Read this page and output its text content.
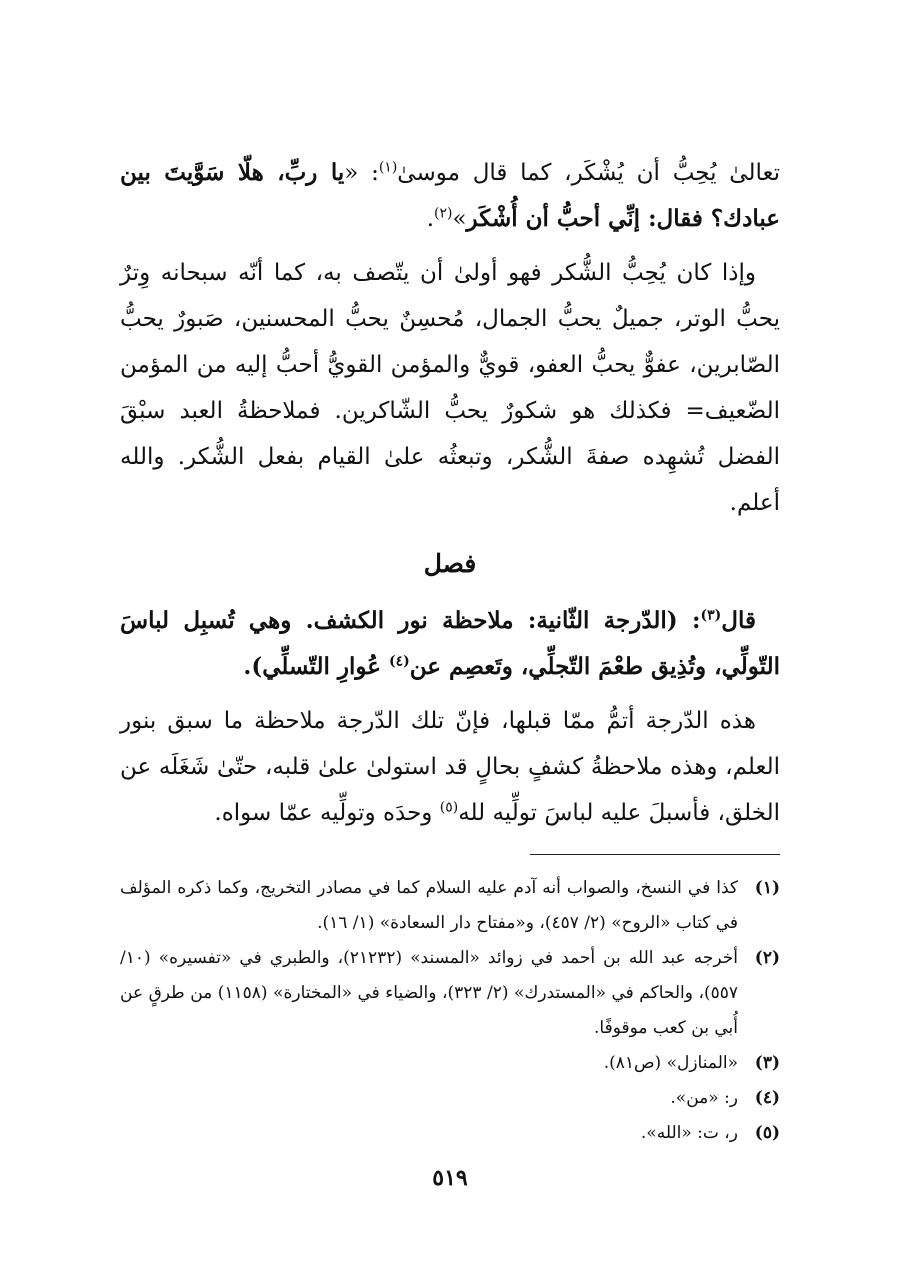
تعالىٰ يُحِبُّ أن يُشْكَر، كما قال موسىٰ$^{(١)}$: «يا ربِّ، هلّا سَوَّيتَ بين عبادك؟ فقال: إنِّي أحبُّ أن أُشْكَر»$^{(٢)}$.

وإذا كان يُحِبُّ الشُّكر فهو أولىٰ أن يتّصف به، كما أنّه سبحانه وِترٌ يحبُّ الوتر، جميلٌ يحبُّ الجمال، مُحسِنٌ يحبُّ المحسنين، صَبورٌ يحبُّ الصّابرين، عفوٌّ يحبُّ العفو، قويٌّ والمؤمن القويُّ أحبُّ إليه من المؤمن الضّعيف= فكذلك هو شكورٌ يحبُّ الشّاكرين. فملاحظةُ العبد سبْقَ الفضل تُشهِده صفةَ الشُّكر، وتبعثُه علىٰ القيام بفعل الشُّكر. والله أعلم.

فصل

قال$^{(٣)}$: (الدّرجة الثّانية: ملاحظة نور الكشف. وهي تُسبِل لباسَ التّولِّي، وتُذِيق طعْمَ التّجلِّي، وتَعصِم عن$^{(٤)}$ عُوارِ التّسلِّي).

هذه الدّرجة أتمُّ ممّا قبلها، فإنّ تلك الدّرجة ملاحظة ما سبق بنور العلم، وهذه ملاحظةُ كشفٍ بحالٍ قد استولىٰ علىٰ قلبه، حتّىٰ شَغَلَه عن الخلق، فأسبلَ عليه لباسَ تولِّيه لله$^{(٥)}$ وحدَه وتولِّيه عمّا سواه.

(١)
كذا في النسخ، والصواب أنه آدم عليه السلام كما في مصادر التخريج، وكما ذكره المؤلف في كتاب «الروح» (٢/ ٤٥٧)، و«مفتاح دار السعادة» (١/ ١٦).
(٢)
أخرجه عبد الله بن أحمد في زوائد «المسند» (٢١٢٣٢)، والطبري في «تفسيره» (١٠/ ٥٥٧)، والحاكم في «المستدرك» (٢/ ٣٢٣)، والضياء في «المختارة» (١١٥٨) من طرقٍ عن أُبي بن كعب موقوفًا.
(٣)
«المنازل» (ص٨١).
(٤)
ر: «من».
(٥)
ر، ت: «الله».
٥١٩
